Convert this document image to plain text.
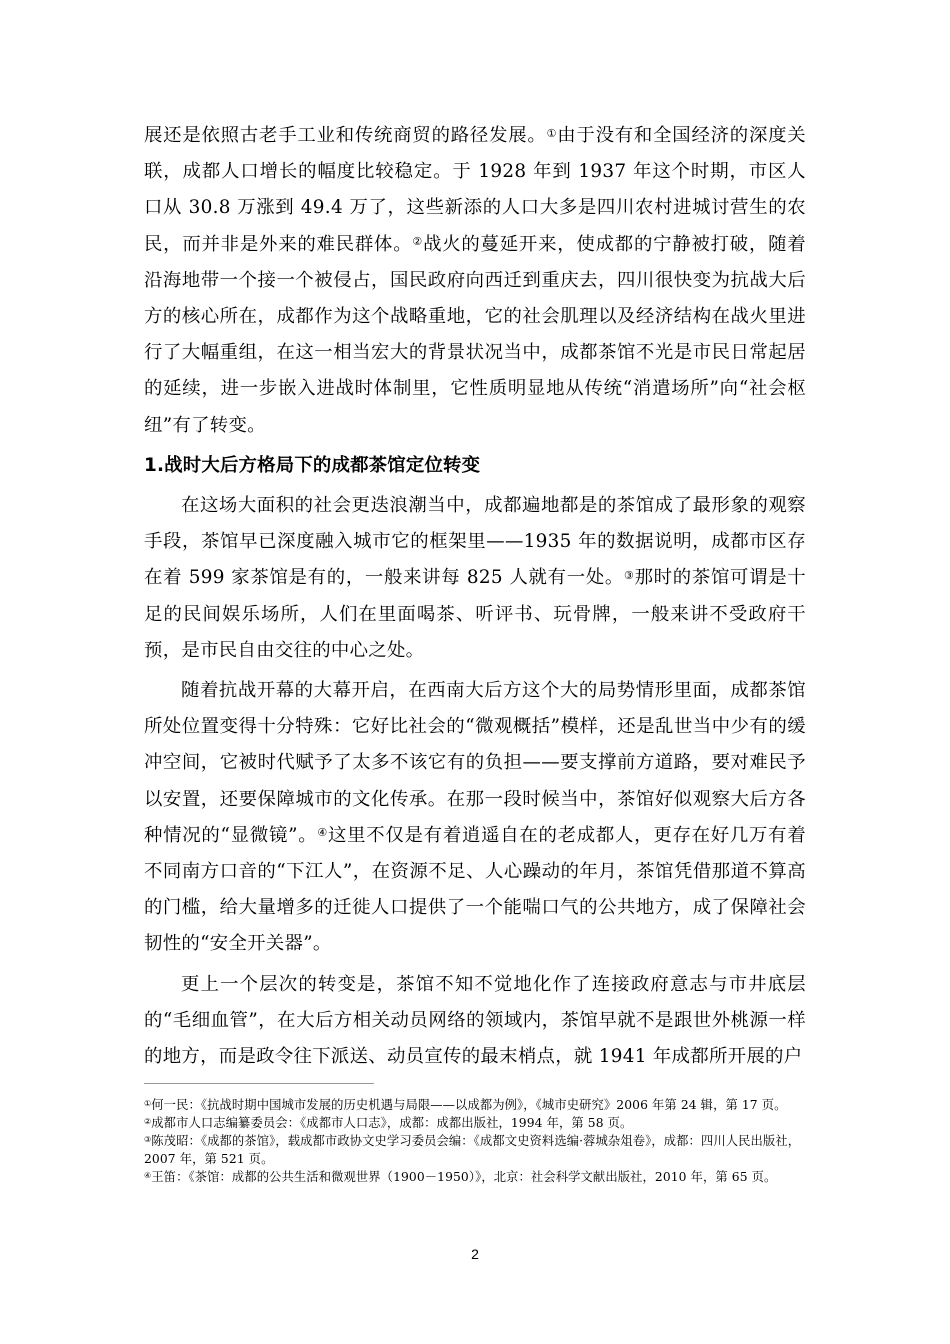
展还是依照古老手工业和传统商贸的路径发展。①由于没有和全国经济的深度关联，成都人口增长的幅度比较稳定。于 1928 年到 1937 年这个时期，市区人口从 30.8 万涨到 49.4 万了，这些新添的人口大多是四川农村进城讨营生的农民，而并非是外来的难民群体。②战火的蔓延开来，使成都的宁静被打破，随着沿海地带一个接一个被侵占，国民政府向西迁到重庆去，四川很快变为抗战大后方的核心所在，成都作为这个战略重地，它的社会肌理以及经济结构在战火里进行了大幅重组，在这一相当宏大的背景状况当中，成都茶馆不光是市民日常起居的延续，进一步嵌入进战时体制里，它性质明显地从传统“消遣场所”向“社会枢纽”有了转变。

1.战时大后方格局下的成都茶馆定位转变

在这场大面积的社会更迭浪潮当中，成都遍地都是的茶馆成了最形象的观察手段，茶馆早已深度融入城市它的框架里——1935 年的数据说明，成都市区存在着 599 家茶馆是有的，一般来讲每 825 人就有一处。③那时的茶馆可谓是十足的民间娱乐场所，人们在里面喝茶、听评书、玩骨牌，一般来讲不受政府干预，是市民自由交往的中心之处。

随着抗战开幕的大幕开启，在西南大后方这个大的局势情形里面，成都茶馆所处位置变得十分特殊：它好比社会的“微观概括”模样，还是乱世当中少有的缓冲空间，它被时代赋予了太多不该它有的负担——要支撑前方道路，要对难民予以安置，还要保障城市的文化传承。在那一段时候当中，茶馆好似观察大后方各种情况的“显微镜”。④这里不仅是有着逍遥自在的老成都人，更存在好几万有着不同南方口音的“下江人”，在资源不足、人心躁动的年月，茶馆凭借那道不算高的门槛，给大量增多的迁徙人口提供了一个能喘口气的公共地方，成了保障社会韧性的“安全开关器”。

更上一个层次的转变是，茶馆不知不觉地化作了连接政府意志与市井底层的“毛细血管”，在大后方相关动员网络的领域内，茶馆早就不是跟世外桃源一样的地方，而是政令往下派送、动员宣传的最末梢点，就 1941 年成都所开展的户

①何一民：《抗战时期中国城市发展的历史机遇与局限——以成都为例》，《城市史研究》2006 年第 24 辑，第 17 页。

②成都市人口志编纂委员会：《成都市人口志》，成都：成都出版社，1994 年，第 58 页。

③陈茂昭：《成都的茶馆》，载成都市政协文史学习委员会编：《成都文史资料选编·蓉城杂俎卷》，成都：四川人民出版社，2007 年，第 521 页。

④王笛：《茶馆：成都的公共生活和微观世界（1900－1950）》，北京：社会科学文献出版社，2010 年，第 65 页。

2
